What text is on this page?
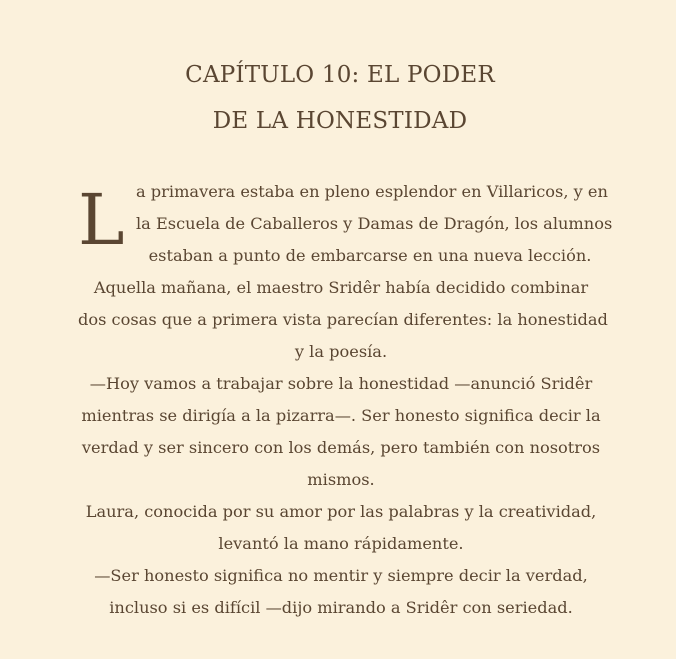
CAPÍTULO 10: EL PODER
DE LA HONESTIDAD
L a primavera estaba en pleno esplendor en Villaricos, y en
la Escuela de Caballeros y Damas de Dragón, los alumnos
estaban a punto de embarcarse en una nueva lección.

Aquella mañana, el maestro Sridêr había decidido combinar
dos cosas que a primera vista parecían diferentes: la honestidad
y la poesía.

—Hoy vamos a trabajar sobre la honestidad —anunció Sridêr
mientras se dirigía a la pizarra—. Ser honesto significa decir la
verdad y ser sincero con los demás, pero también con nosotros
mismos.

Laura, conocida por su amor por las palabras y la creatividad,
levantó la mano rápidamente.

—Ser honesto significa no mentir y siempre decir la verdad,
incluso si es difícil —dijo mirando a Sridêr con seriedad.
